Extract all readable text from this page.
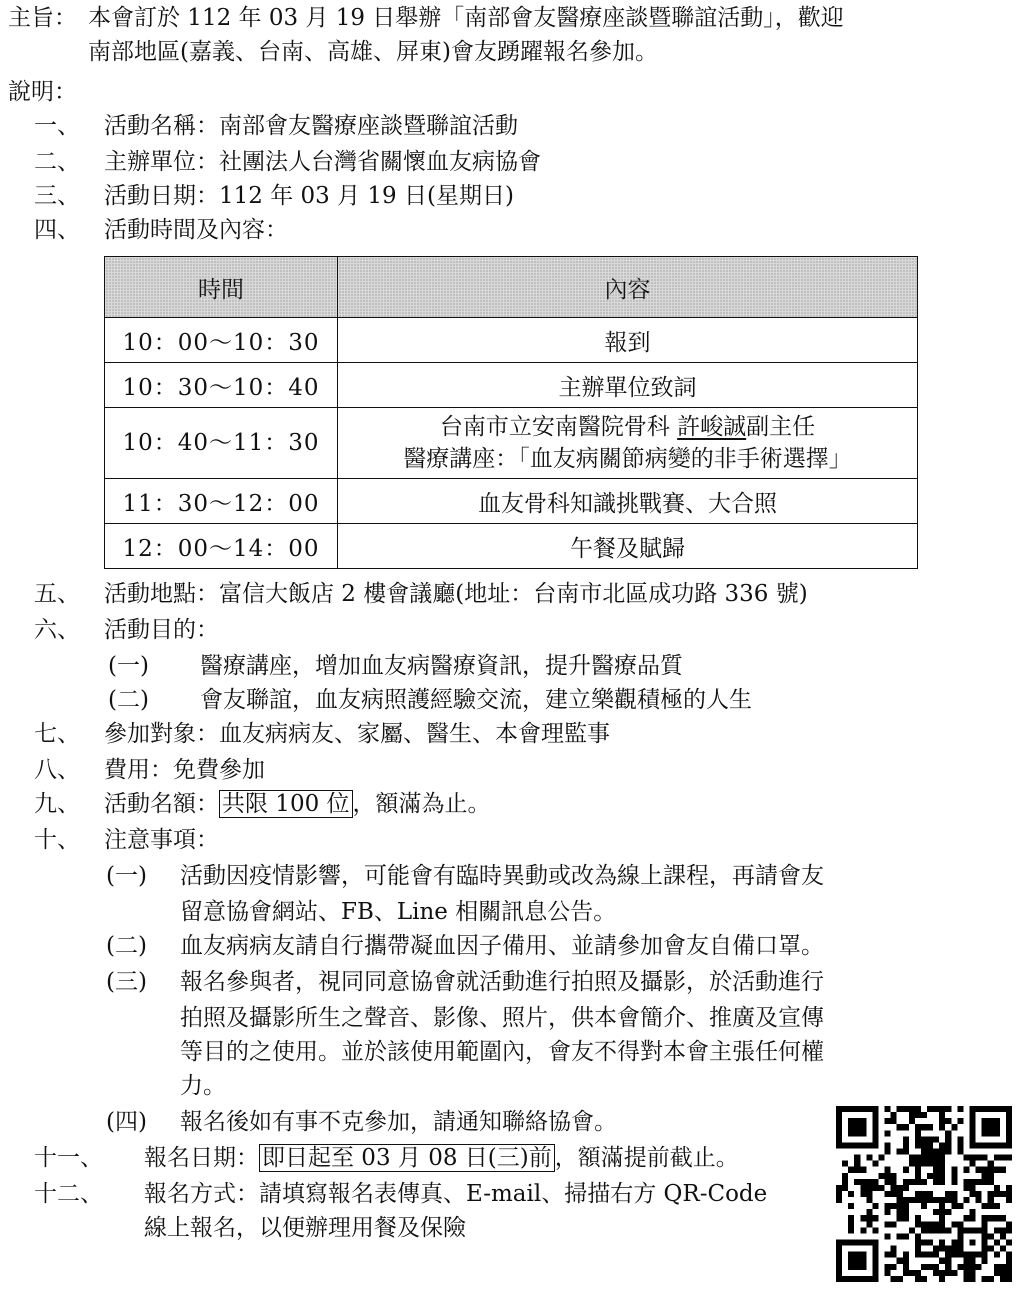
主旨： 本會訂於 112 年 03 月 19 日舉辦「南部會友醫療座談暨聯誼活動」，歡迎
南部地區(嘉義、台南、高雄、屏東)會友踴躍報名參加。
說明：
一、 活動名稱：南部會友醫療座談暨聯誼活動
二、 主辦單位：社團法人台灣省關懷血友病協會
三、 活動日期：112 年 03 月 19 日(星期日)
四、 活動時間及內容：
時間	內容
10：00～10：30	報到
10：30～10：40	主辦單位致詞
10：40～11：30	台南市立安南醫院骨科 許峻誠副主任
醫療講座：「血友病關節病變的非手術選擇」

11：30～12：00	血友骨科知識挑戰賽、大合照
12：00～14：00	午餐及賦歸
五、 活動地點：富信大飯店 2 樓會議廳(地址：台南市北區成功路 336 號)
六、 活動目的：
(一) 醫療講座，增加血友病醫療資訊，提升醫療品質
(二) 會友聯誼，血友病照護經驗交流，建立樂觀積極的人生
七、 參加對象：血友病病友、家屬、醫生、本會理監事
八、 費用：免費參加
九、 活動名額： 共限 100 位 ，額滿為止。
十、 注意事項：
(一) 活動因疫情影響，可能會有臨時異動或改為線上課程，再請會友
留意協會網站、FB、Line 相關訊息公告。
(二) 血友病病友請自行攜帶凝血因子備用、並請參加會友自備口罩。
(三) 報名參與者，視同同意協會就活動進行拍照及攝影，於活動進行
拍照及攝影所生之聲音、影像、照片，供本會簡介、推廣及宣傳
等目的之使用。並於該使用範圍內，會友不得對本會主張任何權
力。
(四) 報名後如有事不克參加，請通知聯絡協會。
十一、 報名日期： 即日起至 03 月 08 日(三)前 ，額滿提前截止。
十二、 報名方式：請填寫報名表傳真、E-mail、掃描右方 QR-Code
線上報名，以便辦理用餐及保險
